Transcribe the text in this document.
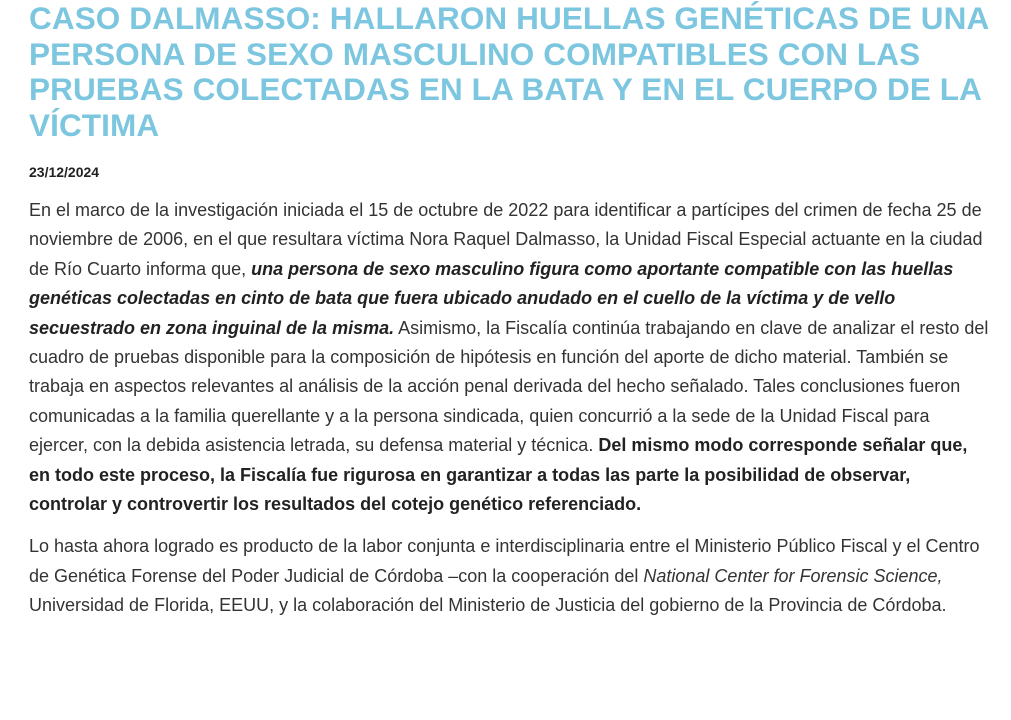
CASO DALMASSO: HALLARON HUELLAS GENÉTICAS DE UNA PERSONA DE SEXO MASCULINO COMPATIBLES CON LAS PRUEBAS COLECTADAS EN LA BATA Y EN EL CUERPO DE LA VÍCTIMA
23/12/2024

En el marco de la investigación iniciada el 15 de octubre de 2022 para identificar a partícipes del crimen de fecha 25 de noviembre de 2006, en el que resultara víctima Nora Raquel Dalmasso, la Unidad Fiscal Especial actuante en la ciudad de Río Cuarto informa que, una persona de sexo masculino figura como aportante compatible con las huellas genéticas colectadas en cinto de bata que fuera ubicado anudado en el cuello de la víctima y de vello secuestrado en zona inguinal de la misma. Asimismo, la Fiscalía continúa trabajando en clave de analizar el resto del cuadro de pruebas disponible para la composición de hipótesis en función del aporte de dicho material. También se trabaja en aspectos relevantes al análisis de la acción penal derivada del hecho señalado. Tales conclusiones fueron comunicadas a la familia querellante y a la persona sindicada, quien concurrió a la sede de la Unidad Fiscal para ejercer, con la debida asistencia letrada, su defensa material y técnica. Del mismo modo corresponde señalar que, en todo este proceso, la Fiscalía fue rigurosa en garantizar a todas las parte la posibilidad de observar, controlar y controvertir los resultados del cotejo genético referenciado.

Lo hasta ahora logrado es producto de la labor conjunta e interdisciplinaria entre el Ministerio Público Fiscal y el Centro de Genética Forense del Poder Judicial de Córdoba –con la cooperación del National Center for Forensic Science, Universidad de Florida, EEUU, y la colaboración del Ministerio de Justicia del gobierno de la Provincia de Córdoba.
